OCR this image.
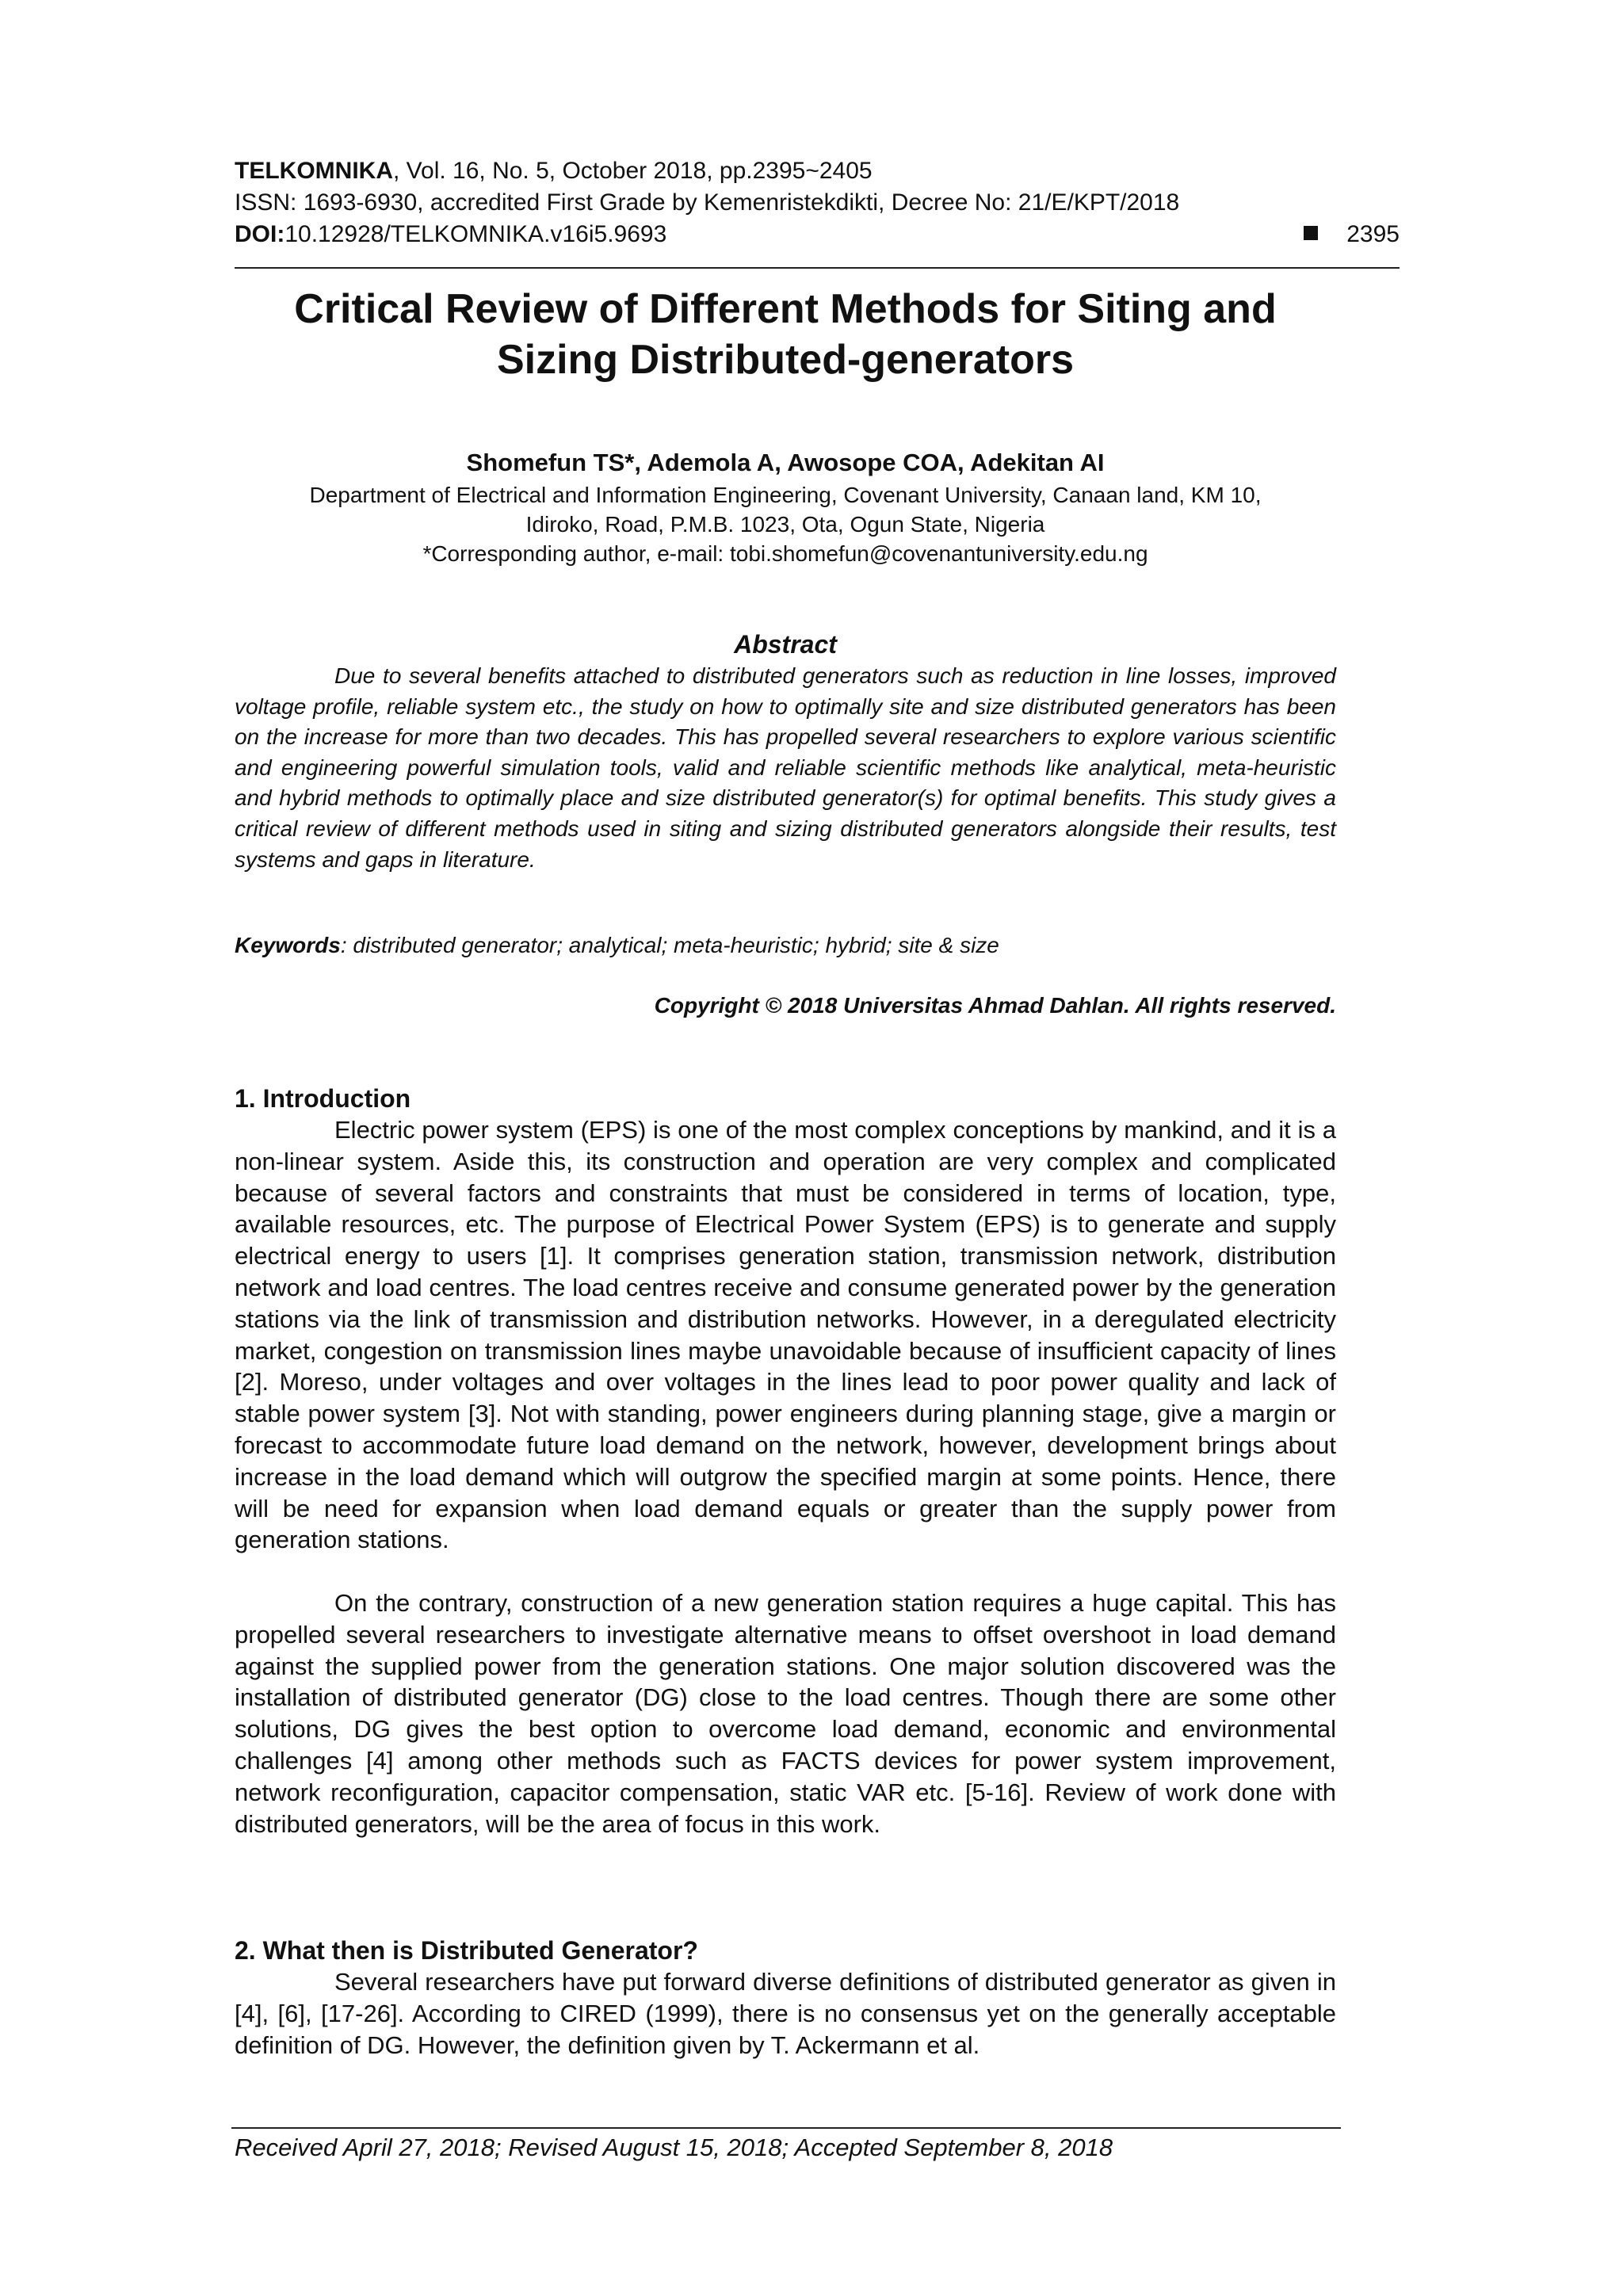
TELKOMNIKA, Vol. 16, No. 5, October 2018, pp.2395~2405
ISSN: 1693-6930, accredited First Grade by Kemenristekdikti, Decree No: 21/E/KPT/2018
DOI:10.12928/TELKOMNIKA.v16i5.9693	2395
Critical Review of Different Methods for Siting and
Sizing Distributed-generators
Shomefun TS*, Ademola A, Awosope COA, Adekitan AI
Department of Electrical and Information Engineering, Covenant University, Canaan land, KM 10,
Idiroko, Road, P.M.B. 1023, Ota, Ogun State, Nigeria
*Corresponding author, e-mail: tobi.shomefun@covenantuniversity.edu.ng
Abstract

Due to several benefits attached to distributed generators such as reduction in line losses, improved voltage profile, reliable system etc., the study on how to optimally site and size distributed generators has been on the increase for more than two decades. This has propelled several researchers to explore various scientific and engineering powerful simulation tools, valid and reliable scientific methods like analytical, meta-heuristic and hybrid methods to optimally place and size distributed generator(s) for optimal benefits. This study gives a critical review of different methods used in siting and sizing distributed generators alongside their results, test systems and gaps in literature.

Keywords: distributed generator; analytical; meta-heuristic; hybrid; site & size
Copyright © 2018 Universitas Ahmad Dahlan. All rights reserved.
1. Introduction

Electric power system (EPS) is one of the most complex conceptions by mankind, and it is a non-linear system. Aside this, its construction and operation are very complex and complicated because of several factors and constraints that must be considered in terms of location, type, available resources, etc. The purpose of Electrical Power System (EPS) is to generate and supply electrical energy to users [1]. It comprises generation station, transmission network, distribution network and load centres. The load centres receive and consume generated power by the generation stations via the link of transmission and distribution networks. However, in a deregulated electricity market, congestion on transmission lines maybe unavoidable because of insufficient capacity of lines [2]. Moreso, under voltages and over voltages in the lines lead to poor power quality and lack of stable power system [3]. Not with standing, power engineers during planning stage, give a margin or forecast to accommodate future load demand on the network, however, development brings about increase in the load demand which will outgrow the specified margin at some points. Hence, there will be need for expansion when load demand equals or greater than the supply power from generation stations.

On the contrary, construction of a new generation station requires a huge capital. This has propelled several researchers to investigate alternative means to offset overshoot in load demand against the supplied power from the generation stations. One major solution discovered was the installation of distributed generator (DG) close to the load centres. Though there are some other solutions, DG gives the best option to overcome load demand, economic and environmental challenges [4] among other methods such as FACTS devices for power system improvement, network reconfiguration, capacitor compensation, static VAR etc. [5-16]. Review of work done with distributed generators, will be the area of focus in this work.

2. What then is Distributed Generator?

Several researchers have put forward diverse definitions of distributed generator as given in [4], [6], [17-26]. According to CIRED (1999), there is no consensus yet on the generally acceptable definition of DG. However, the definition given by T. Ackermann et al.

Received April 27, 2018; Revised August 15, 2018; Accepted September 8, 2018
